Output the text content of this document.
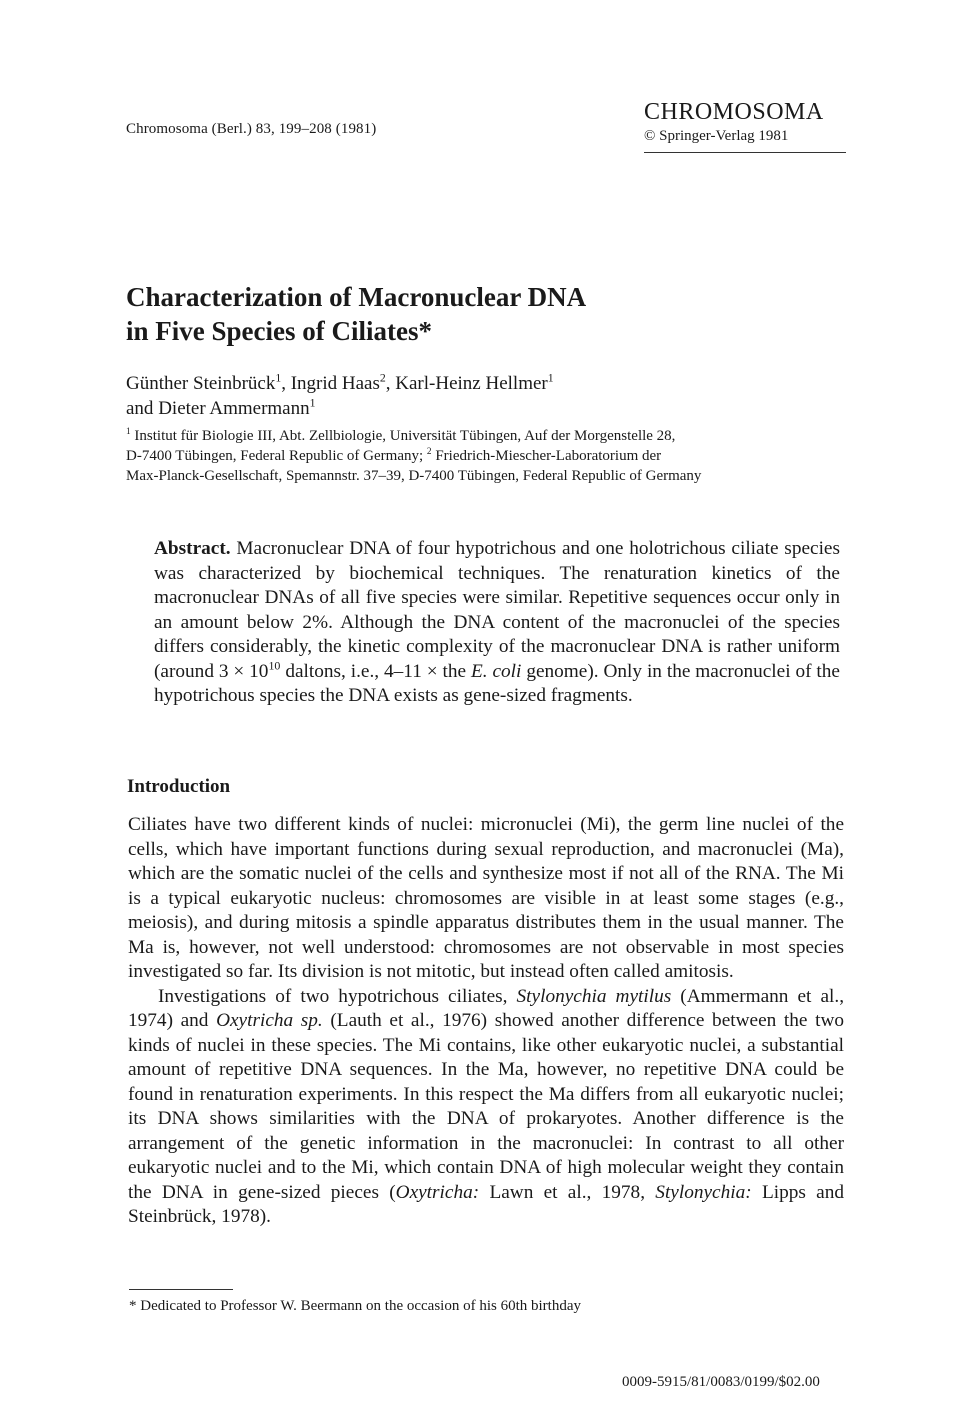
Chromosoma (Berl.) 83, 199–208 (1981)
CHROMOSOMA
© Springer-Verlag 1981
Characterization of Macronuclear DNA
in Five Species of Ciliates*
Günther Steinbrück$^1$, Ingrid Haas$^2$, Karl-Heinz Hellmer$^1$
and Dieter Ammermann$^1$
$^1$ Institut für Biologie III, Abt. Zellbiologie, Universität Tübingen, Auf der Morgenstelle 28,
D-7400 Tübingen, Federal Republic of Germany; $^2$ Friedrich-Miescher-Laboratorium der
Max-Planck-Gesellschaft, Spemannstr. 37–39, D-7400 Tübingen, Federal Republic of Germany
Abstract. Macronuclear DNA of four hypotrichous and one holotrichous ciliate species was characterized by biochemical techniques. The renaturation kinetics of the macronuclear DNAs of all five species were similar. Repetitive sequences occur only in an amount below 2%. Although the DNA content of the macronuclei of the species differs considerably, the kinetic complexity of the macronuclear DNA is rather uniform (around $3 \times 10^{10}$ daltons, i.e., 4–11 × the E. coli genome). Only in the macronuclei of the hypotrichous species the DNA exists as gene-sized fragments.
Introduction

Ciliates have two different kinds of nuclei: micronuclei (Mi), the germ line nuclei of the cells, which have important functions during sexual reproduction, and macronuclei (Ma), which are the somatic nuclei of the cells and synthesize most if not all of the RNA. The Mi is a typical eukaryotic nucleus: chromosomes are visible in at least some stages (e.g., meiosis), and during mitosis a spindle apparatus distributes them in the usual manner. The Ma is, however, not well understood: chromosomes are not observable in most species investigated so far. Its division is not mitotic, but instead often called amitosis.

Investigations of two hypotrichous ciliates, Stylonychia mytilus (Ammermann et al., 1974) and Oxytricha sp. (Lauth et al., 1976) showed another difference between the two kinds of nuclei in these species. The Mi contains, like other eukaryotic nuclei, a substantial amount of repetitive DNA sequences. In the Ma, however, no repetitive DNA could be found in renaturation experiments. In this respect the Ma differs from all eukaryotic nuclei; its DNA shows similarities with the DNA of prokaryotes. Another difference is the arrangement of the genetic information in the macronuclei: In contrast to all other eukaryotic nuclei and to the Mi, which contain DNA of high molecular weight they contain the DNA in gene-sized pieces (Oxytricha: Lawn et al., 1978, Stylonychia: Lipps and Steinbrück, 1978).

* Dedicated to Professor W. Beermann on the occasion of his 60th birthday
0009-5915/81/0083/0199/$02.00
